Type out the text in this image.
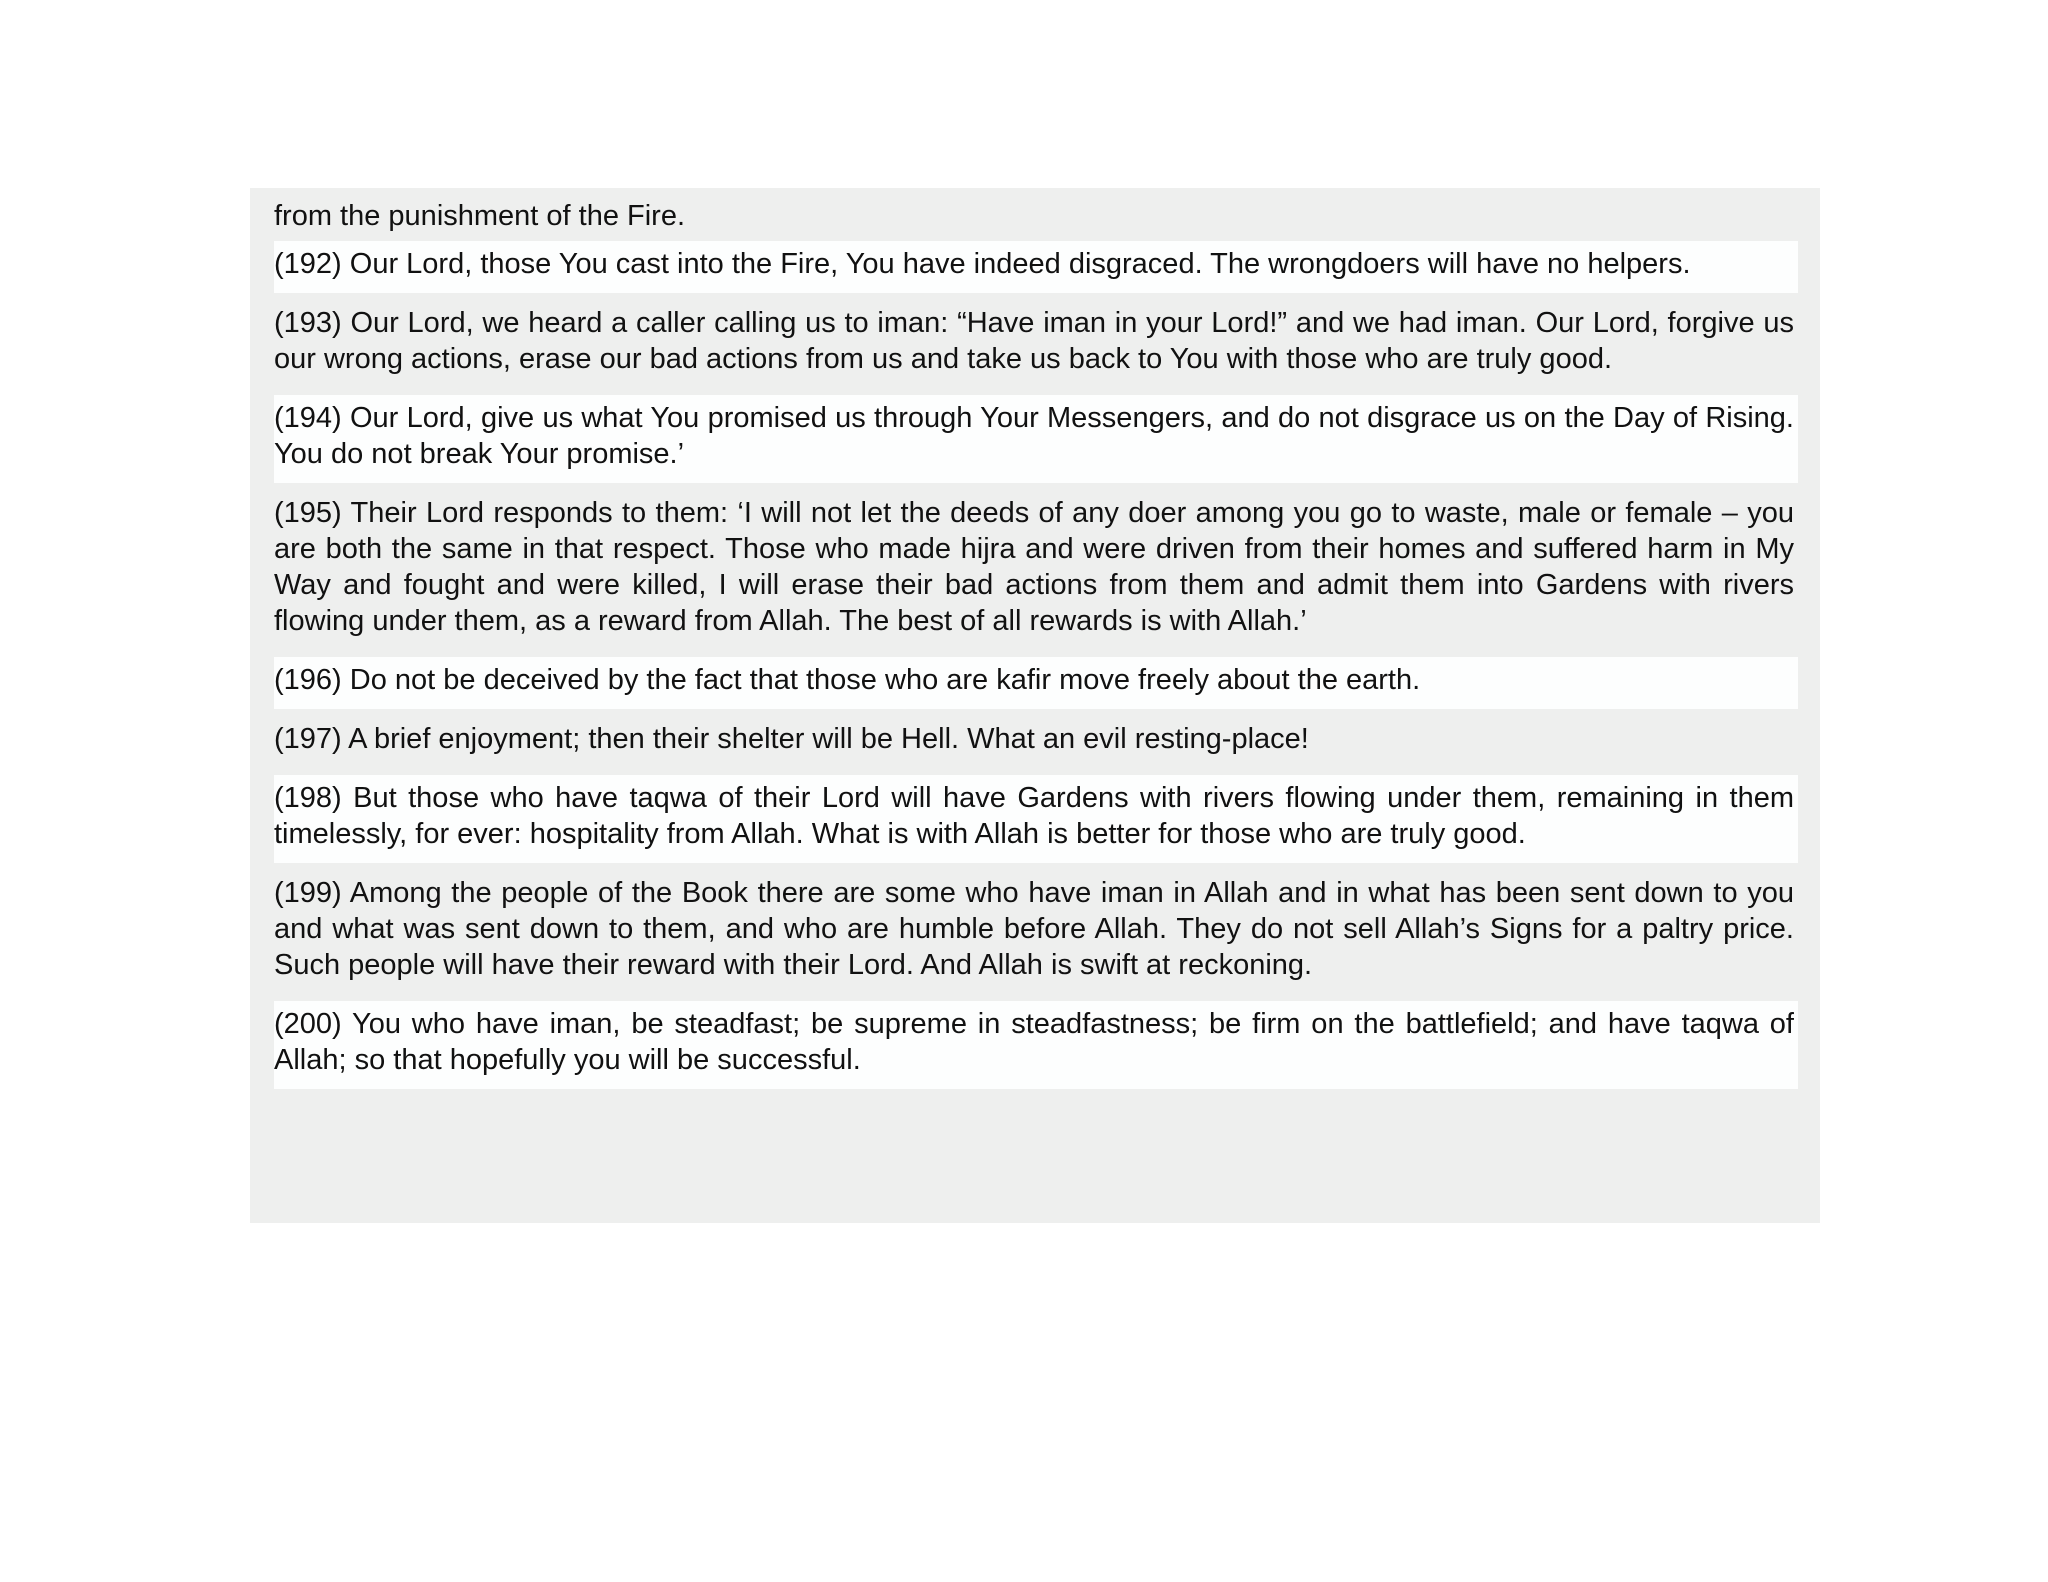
from the punishment of the Fire.
(192) Our Lord, those You cast into the Fire, You have indeed disgraced. The wrongdoers will have no helpers.
(193) Our Lord, we heard a caller calling us to iman: “Have iman in your Lord!” and we had iman. Our Lord, forgive us our wrong actions, erase our bad actions from us and take us back to You with those who are truly good.
(194) Our Lord, give us what You promised us through Your Messengers, and do not disgrace us on the Day of Rising. You do not break Your promise.’
(195) Their Lord responds to them: ‘I will not let the deeds of any doer among you go to waste, male or female – you are both the same in that respect. Those who made hijra and were driven from their homes and suffered harm in My Way and fought and were killed, I will erase their bad actions from them and admit them into Gardens with rivers flowing under them, as a reward from Allah. The best of all rewards is with Allah.’
(196) Do not be deceived by the fact that those who are kafir move freely about the earth.
(197) A brief enjoyment; then their shelter will be Hell. What an evil resting-place!
(198) But those who have taqwa of their Lord will have Gardens with rivers flowing under them, remaining in them timelessly, for ever: hospitality from Allah. What is with Allah is better for those who are truly good.
(199) Among the people of the Book there are some who have iman in Allah and in what has been sent down to you and what was sent down to them, and who are humble before Allah. They do not sell Allah’s Signs for a paltry price. Such people will have their reward with their Lord. And Allah is swift at reckoning.
(200) You who have iman, be steadfast; be supreme in steadfastness; be firm on the battlefield; and have taqwa of Allah; so that hopefully you will be successful.
